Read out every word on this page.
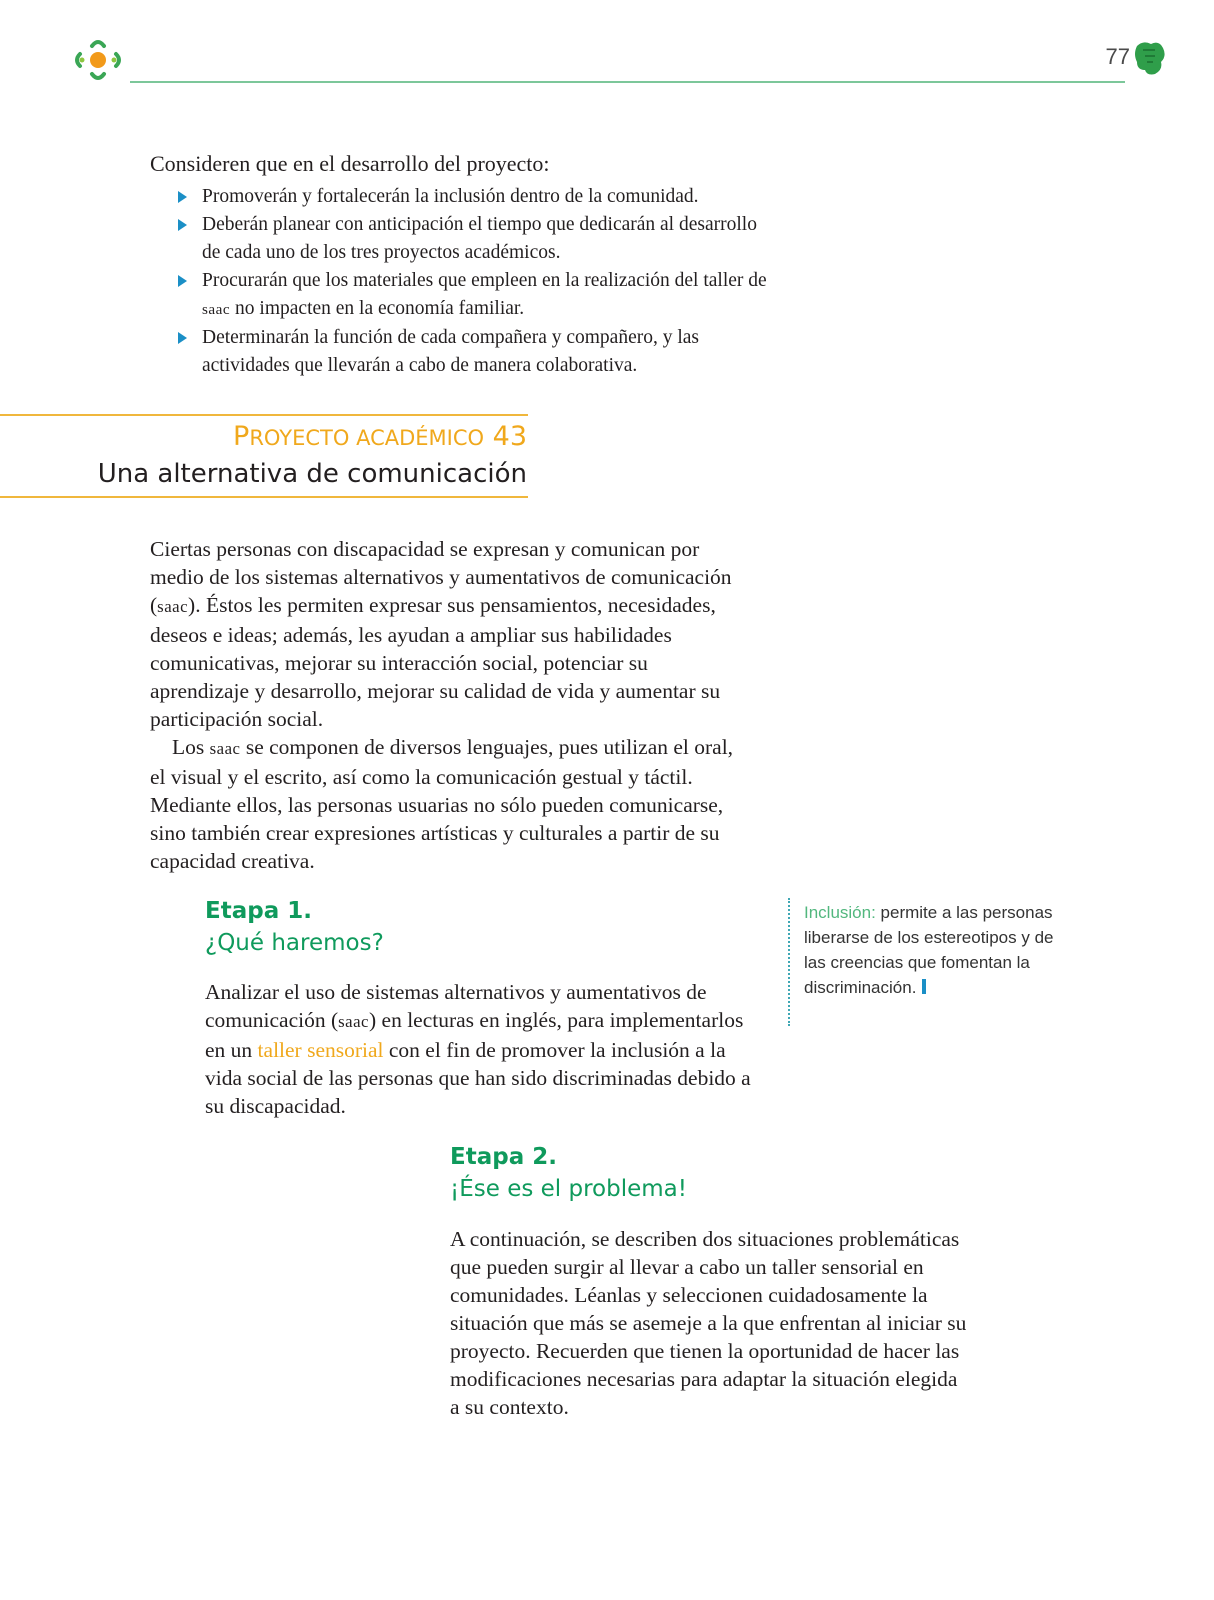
77
Consideren que en el desarrollo del proyecto:
Promoverán y fortalecerán la inclusión dentro de la comunidad.
Deberán planear con anticipación el tiempo que dedicarán al desarrollo de cada uno de los tres proyectos académicos.
Procurarán que los materiales que empleen en la realización del taller de saac no impacten en la economía familiar.
Determinarán la función de cada compañera y compañero, y las actividades que llevarán a cabo de manera colaborativa.
PROYECTO ACADÉMICO 43
Una alternativa de comunicación

Ciertas personas con discapacidad se expresan y comunican por medio de los sistemas alternativos y aumentativos de comunicación (saac). Éstos les permiten expresar sus pensamientos, necesidades, deseos e ideas; además, les ayudan a ampliar sus habilidades comunicativas, mejorar su interacción social, potenciar su aprendizaje y desarrollo, mejorar su calidad de vida y aumentar su participación social.

Los saac se componen de diversos lenguajes, pues utilizan el oral, el visual y el escrito, así como la comunicación gestual y táctil. Mediante ellos, las personas usuarias no sólo pueden comunicarse, sino también crear expresiones artísticas y culturales a partir de su capacidad creativa.

Etapa 1.
¿Qué haremos?

Analizar el uso de sistemas alternativos y aumentativos de comunicación (saac) en lecturas en inglés, para implementarlos en un taller sensorial con el fin de promover la inclusión a la vida social de las personas que han sido discriminadas debido a su discapacidad.

Inclusión: permite a las personas liberarse de los estereotipos y de las creencias que fomentan la discriminación.
Etapa 2.
¡Ése es el problema!

A continuación, se describen dos situaciones problemáticas que pueden surgir al llevar a cabo un taller sensorial en comunidades. Léanlas y seleccionen cuidadosamente la situación que más se asemeje a la que enfrentan al iniciar su proyecto. Recuerden que tienen la oportunidad de hacer las modificaciones necesarias para adaptar la situación elegida a su contexto.
